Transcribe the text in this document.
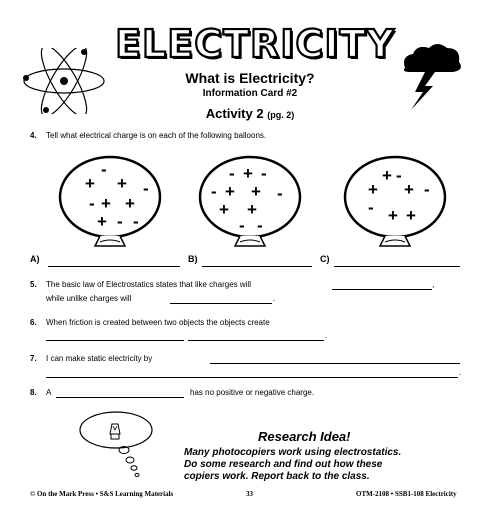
ELECTRICITY
What is Electricity?
Information Card #2
Activity 2 (pg. 2)
4. Tell what electrical charge is on each of the following balloons.
-
+ + -
- + +
-
+ -
- + -
- + + -
+ +
- -
+ -
+ + -
- + +
A)	B)	C)
5. The basic law of Electrostatics states that like charges will	,
while unlike charges will	.
6. When friction is created between two objects the objects create
.
7. I can make static electricity by
.
8. A	has no positive or negative charge.
Research Idea!
Many photocopiers work using electrostatics.
Do some research and find out how these
copiers work. Report back to the class.
© On the Mark Press • S&S Learning Materials	33	OTM-2108 • SSB1-108 Electricity
